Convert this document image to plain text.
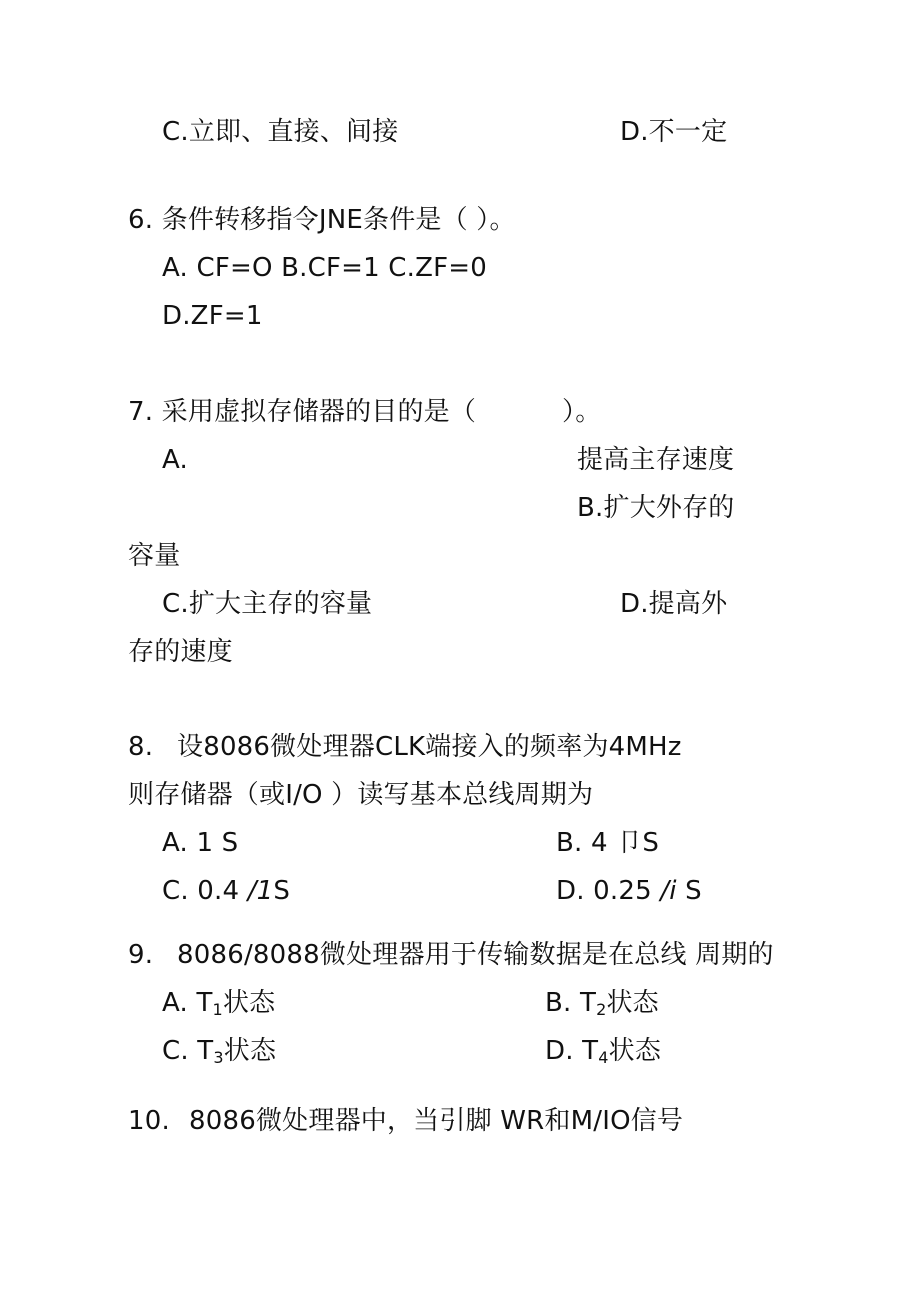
C.立即、直接、间接	D.不一定
6. 条件转移指令JNE条件是（ ）。
A. CF=O B.CF=1 C.ZF=0
D.ZF=1
7. 采用虚拟存储器的目的是（	）。
A.	提高主存速度
B.扩大外存的
容量
C.扩大主存的容量	D.提高外
存的速度
8. 设8086微处理器CLK端接入的频率为4MHz
则存储器（或I/O ）读写基本总线周期为
A. 1 S	B. 4 卩S
C. 0.4 /1S	D. 0.25 /i S
9. 8086/8088微处理器用于传输数据是在总线 周期的
A. T1状态	B. T2状态
C. T3状态	D. T4状态
10. 8086微处理器中，当引脚 WR和M/IO信号
